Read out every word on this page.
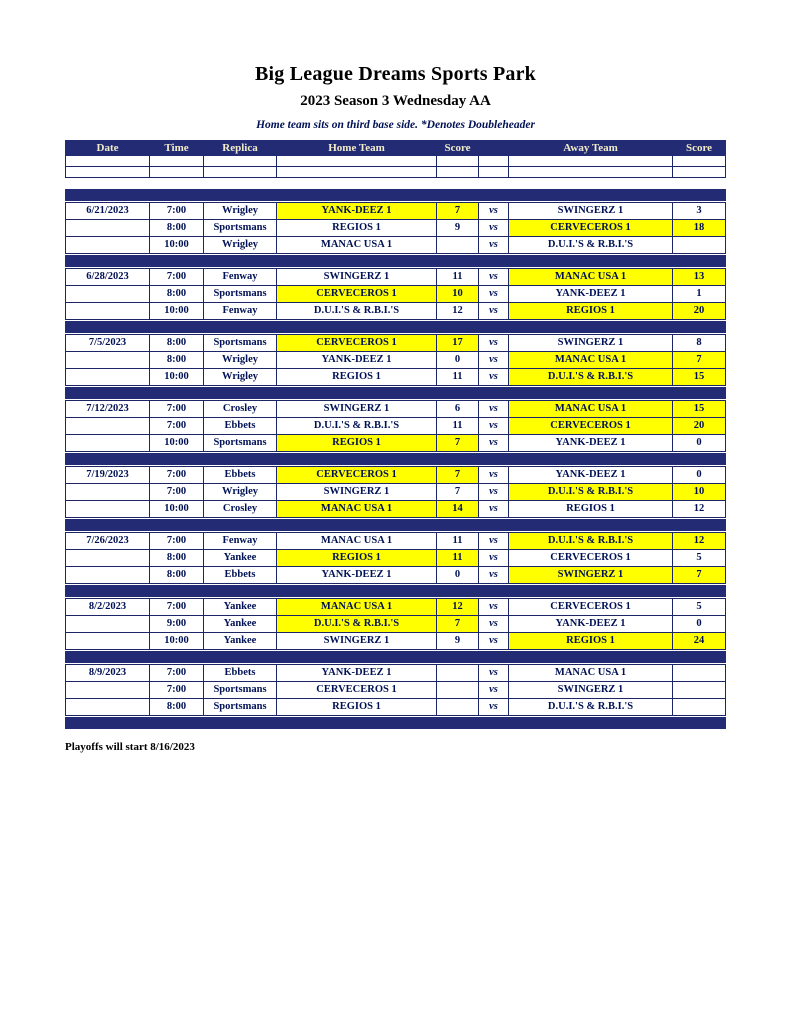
Big League Dreams Sports Park
2023 Season 3 Wednesday AA
Home team sits on third base side. *Denotes Doubleheader
Date	Time	Replica	Home Team	Score		Away Team	Score

6/21/2023	7:00	Wrigley	YANK-DEEZ 1	7	vs	SWINGERZ 1	3
	8:00	Sportsmans	REGIOS 1	9	vs	CERVECEROS 1	18
	10:00	Wrigley	MANAC USA 1		vs	D.U.I.'S & R.B.I.'S	

6/28/2023	7:00	Fenway	SWINGERZ 1	11	vs	MANAC USA 1	13
	8:00	Sportsmans	CERVECEROS 1	10	vs	YANK-DEEZ 1	1
	10:00	Fenway	D.U.I.'S & R.B.I.'S	12	vs	REGIOS 1	20

7/5/2023	8:00	Sportsmans	CERVECEROS 1	17	vs	SWINGERZ 1	8
	8:00	Wrigley	YANK-DEEZ 1	0	vs	MANAC USA 1	7
	10:00	Wrigley	REGIOS 1	11	vs	D.U.I.'S & R.B.I.'S	15

7/12/2023	7:00	Crosley	SWINGERZ 1	6	vs	MANAC USA 1	15
	7:00	Ebbets	D.U.I.'S & R.B.I.'S	11	vs	CERVECEROS 1	20
	10:00	Sportsmans	REGIOS 1	7	vs	YANK-DEEZ 1	0

7/19/2023	7:00	Ebbets	CERVECEROS 1	7	vs	YANK-DEEZ 1	0
	7:00	Wrigley	SWINGERZ 1	7	vs	D.U.I.'S & R.B.I.'S	10
	10:00	Crosley	MANAC USA 1	14	vs	REGIOS 1	12

7/26/2023	7:00	Fenway	MANAC USA 1	11	vs	D.U.I.'S & R.B.I.'S	12
	8:00	Yankee	REGIOS 1	11	vs	CERVECEROS 1	5
	8:00	Ebbets	YANK-DEEZ 1	0	vs	SWINGERZ 1	7

8/2/2023	7:00	Yankee	MANAC USA 1	12	vs	CERVECEROS 1	5
	9:00	Yankee	D.U.I.'S & R.B.I.'S	7	vs	YANK-DEEZ 1	0
	10:00	Yankee	SWINGERZ 1	9	vs	REGIOS 1	24

8/9/2023	7:00	Ebbets	YANK-DEEZ 1		vs	MANAC USA 1	
	7:00	Sportsmans	CERVECEROS 1		vs	SWINGERZ 1	
	8:00	Sportsmans	REGIOS 1		vs	D.U.I.'S & R.B.I.'S	

Playoffs will start 8/16/2023
